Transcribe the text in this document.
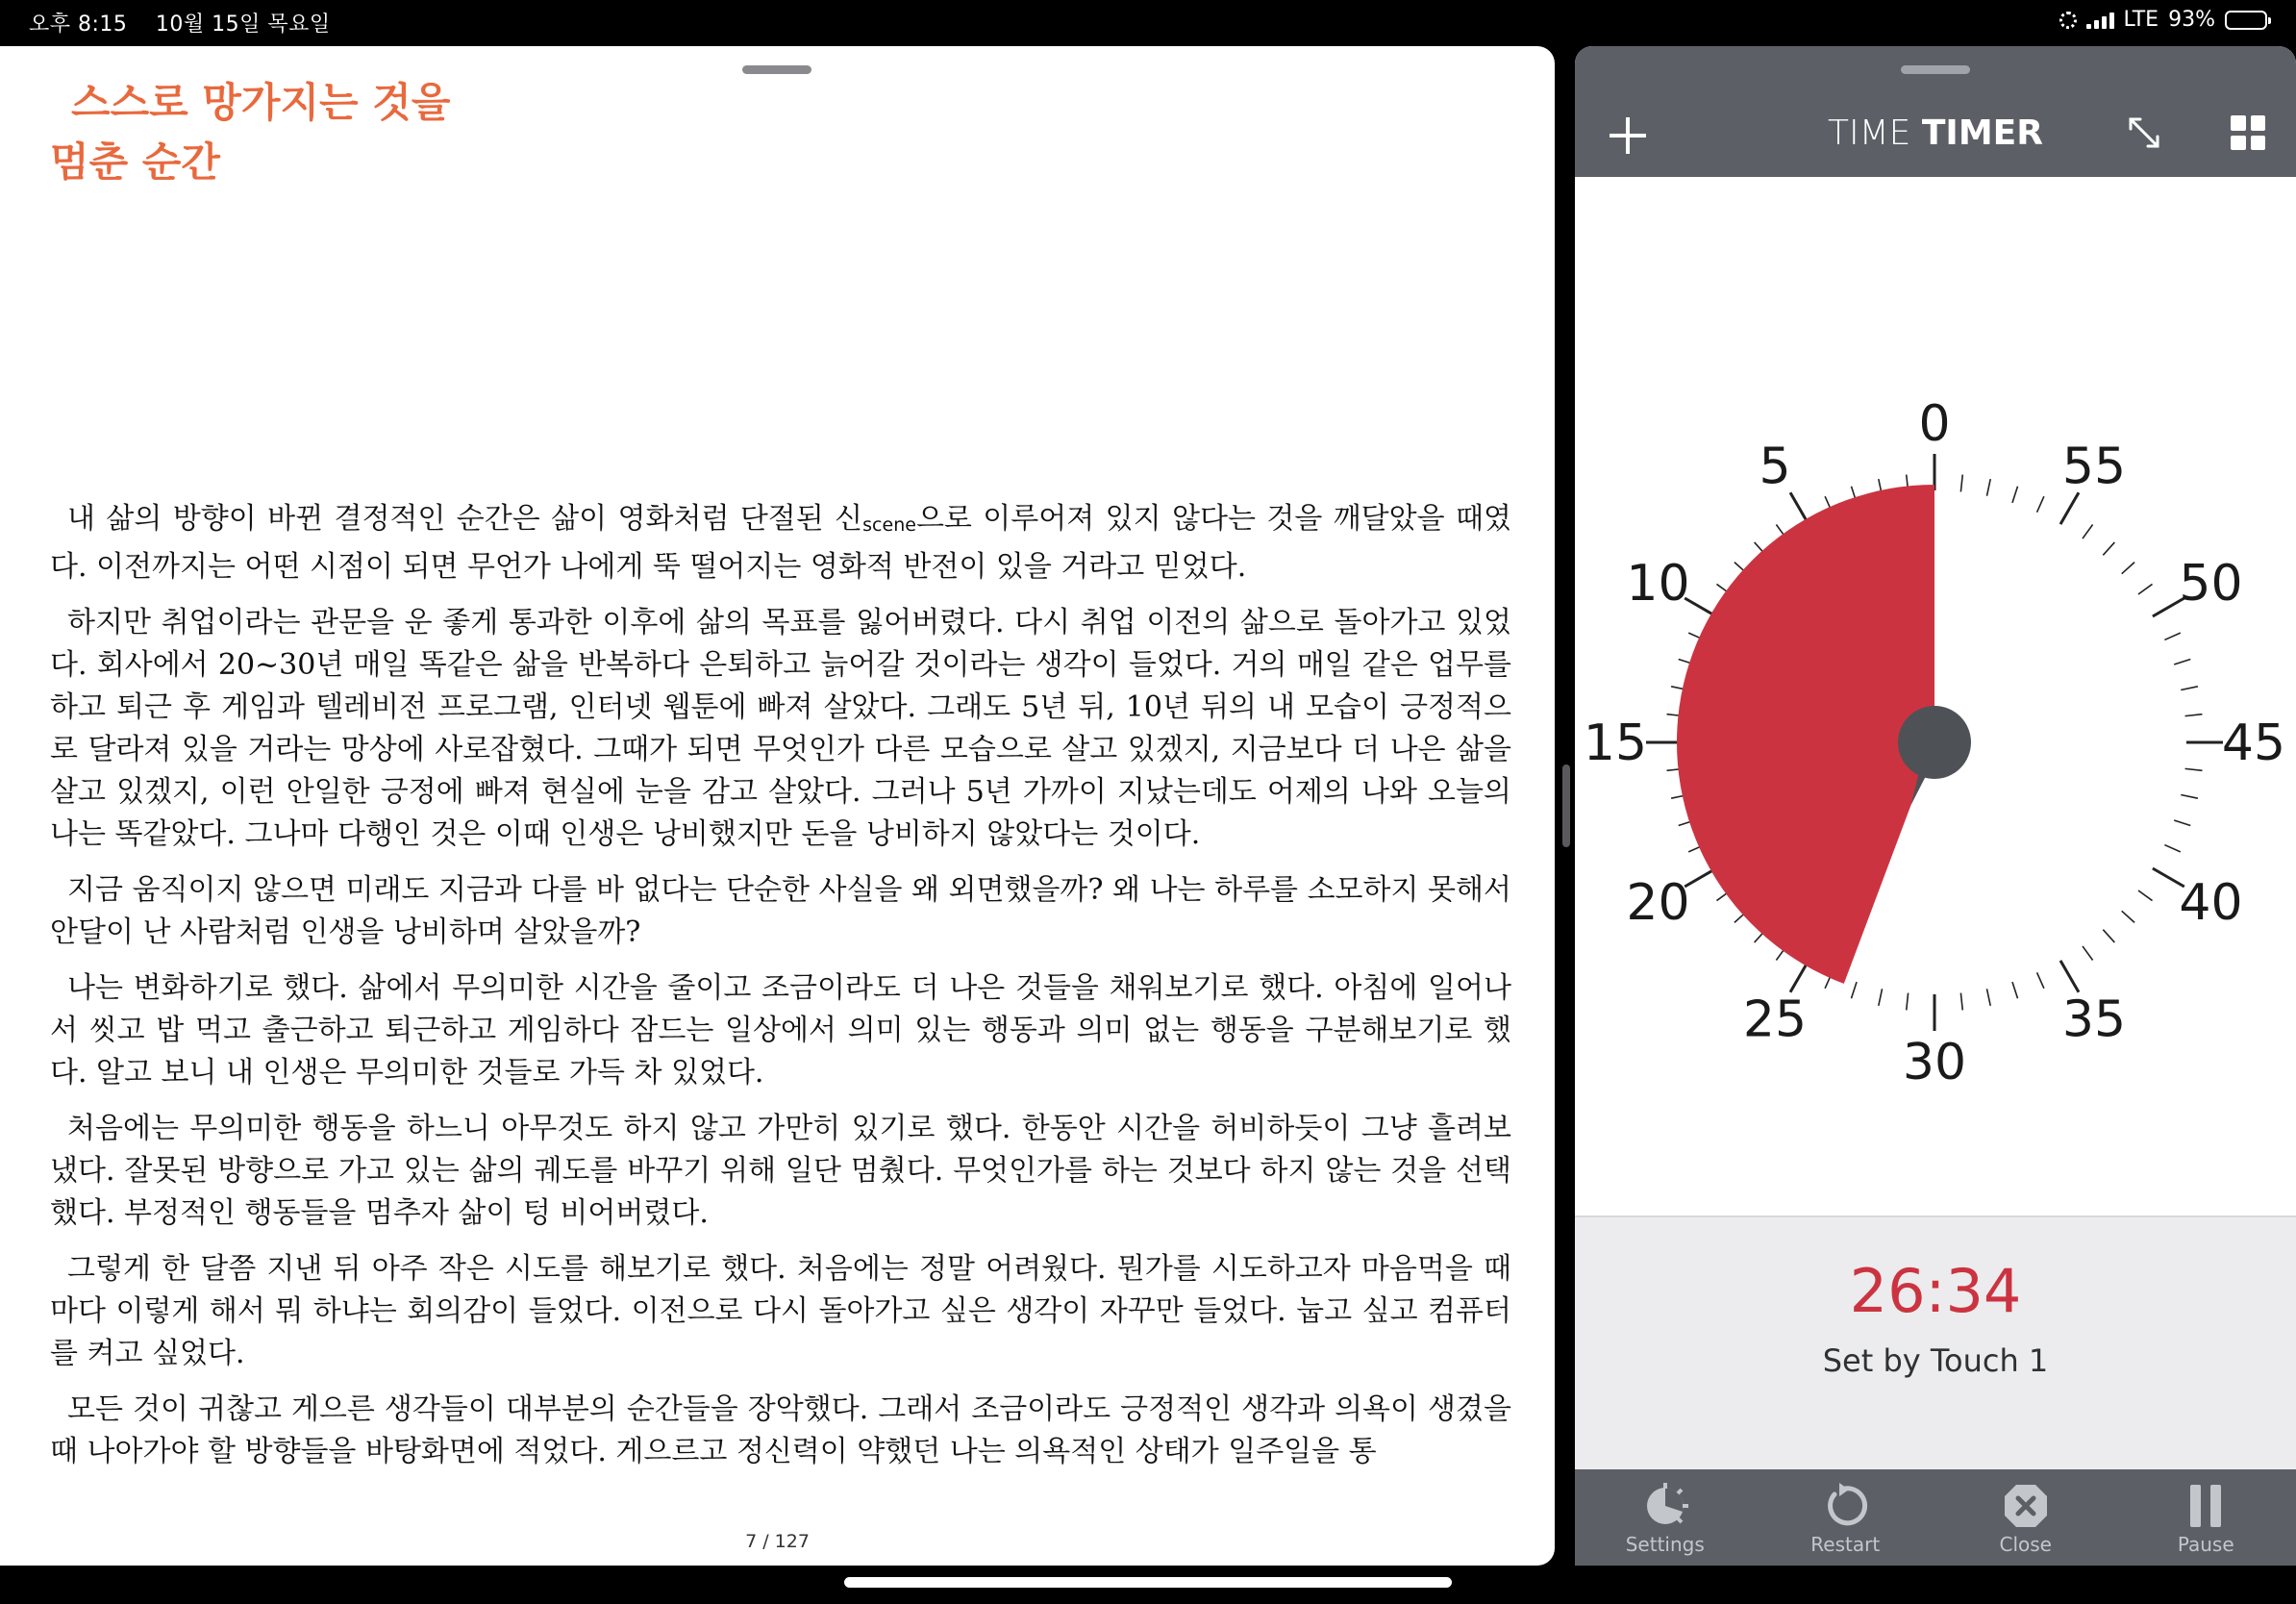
오후 8:15 10월 15일 목요일	LTE 93%
스스로 망가지는 것을
멈춘 순간

내 삶의 방향이 바뀐 결정적인 순간은 삶이 영화처럼 단절된 신$_{scene}$으로 이루어져 있지 않다는 것을 깨달았을 때였다. 이전까지는 어떤 시점이 되면 무언가 나에게 뚝 떨어지는 영화적 반전이 있을 거라고 믿었다.

하지만 취업이라는 관문을 운 좋게 통과한 이후에 삶의 목표를 잃어버렸다. 다시 취업 이전의 삶으로 돌아가고 있었다. 회사에서 20~30년 매일 똑같은 삶을 반복하다 은퇴하고 늙어갈 것이라는 생각이 들었다. 거의 매일 같은 업무를 하고 퇴근 후 게임과 텔레비전 프로그램, 인터넷 웹툰에 빠져 살았다. 그래도 5년 뒤, 10년 뒤의 내 모습이 긍정적으로 달라져 있을 거라는 망상에 사로잡혔다. 그때가 되면 무엇인가 다른 모습으로 살고 있겠지, 지금보다 더 나은 삶을 살고 있겠지, 이런 안일한 긍정에 빠져 현실에 눈을 감고 살았다. 그러나 5년 가까이 지났는데도 어제의 나와 오늘의 나는 똑같았다. 그나마 다행인 것은 이때 인생은 낭비했지만 돈을 낭비하지 않았다는 것이다.

지금 움직이지 않으면 미래도 지금과 다를 바 없다는 단순한 사실을 왜 외면했을까? 왜 나는 하루를 소모하지 못해서 안달이 난 사람처럼 인생을 낭비하며 살았을까?

나는 변화하기로 했다. 삶에서 무의미한 시간을 줄이고 조금이라도 더 나은 것들을 채워보기로 했다. 아침에 일어나서 씻고 밥 먹고 출근하고 퇴근하고 게임하다 잠드는 일상에서 의미 있는 행동과 의미 없는 행동을 구분해보기로 했다. 알고 보니 내 인생은 무의미한 것들로 가득 차 있었다.

처음에는 무의미한 행동을 하느니 아무것도 하지 않고 가만히 있기로 했다. 한동안 시간을 허비하듯이 그냥 흘려보냈다. 잘못된 방향으로 가고 있는 삶의 궤도를 바꾸기 위해 일단 멈췄다. 무엇인가를 하는 것보다 하지 않는 것을 선택했다. 부정적인 행동들을 멈추자 삶이 텅 비어버렸다.

그렇게 한 달쯤 지낸 뒤 아주 작은 시도를 해보기로 했다. 처음에는 정말 어려웠다. 뭔가를 시도하고자 마음먹을 때마다 이렇게 해서 뭐 하냐는 회의감이 들었다. 이전으로 다시 돌아가고 싶은 생각이 자꾸만 들었다. 눕고 싶고 컴퓨터를 켜고 싶었다.

모든 것이 귀찮고 게으른 생각들이 대부분의 순간들을 장악했다. 그래서 조금이라도 긍정적인 생각과 의욕이 생겼을 때 나아가야 할 방향들을 바탕화면에 적었다. 게으르고 정신력이 약했던 나는 의욕적인 상태가 일주일을 통

7 / 127
TIME TIMER
0
55
50
45
40
35
30
25
20
15
10
5
26:34
Set by Touch 1
Settings	Restart	Close	Pause
